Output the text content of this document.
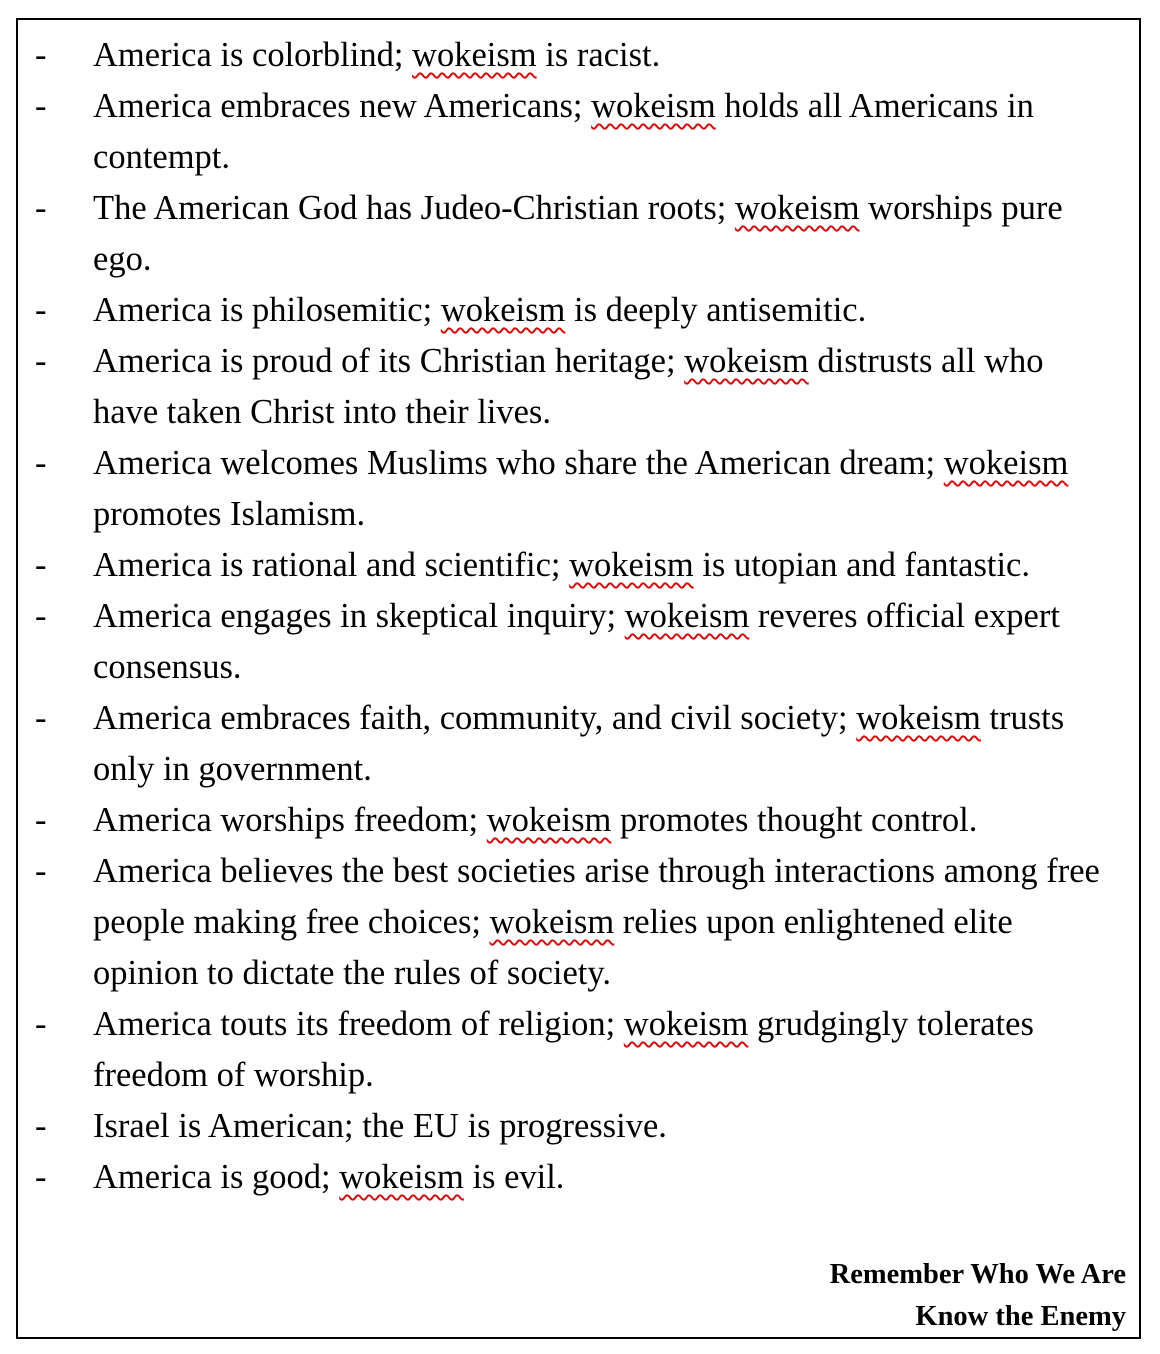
- America is colorblind; wokeism is racist.
- America embraces new Americans; wokeism holds all Americans in contempt.
- The American God has Judeo-Christian roots; wokeism worships pure ego.
- America is philosemitic; wokeism is deeply antisemitic.
- America is proud of its Christian heritage; wokeism distrusts all who have taken Christ into their lives.
- America welcomes Muslims who share the American dream; wokeism promotes Islamism.
- America is rational and scientific; wokeism is utopian and fantastic.
- America engages in skeptical inquiry; wokeism reveres official expert consensus.
- America embraces faith, community, and civil society; wokeism trusts only in government.
- America worships freedom; wokeism promotes thought control.
- America believes the best societies arise through interactions among free people making free choices; wokeism relies upon enlightened elite opinion to dictate the rules of society.
- America touts its freedom of religion; wokeism grudgingly tolerates freedom of worship.
- Israel is American; the EU is progressive.
- America is good; wokeism is evil.
Remember Who We Are
Know the Enemy
